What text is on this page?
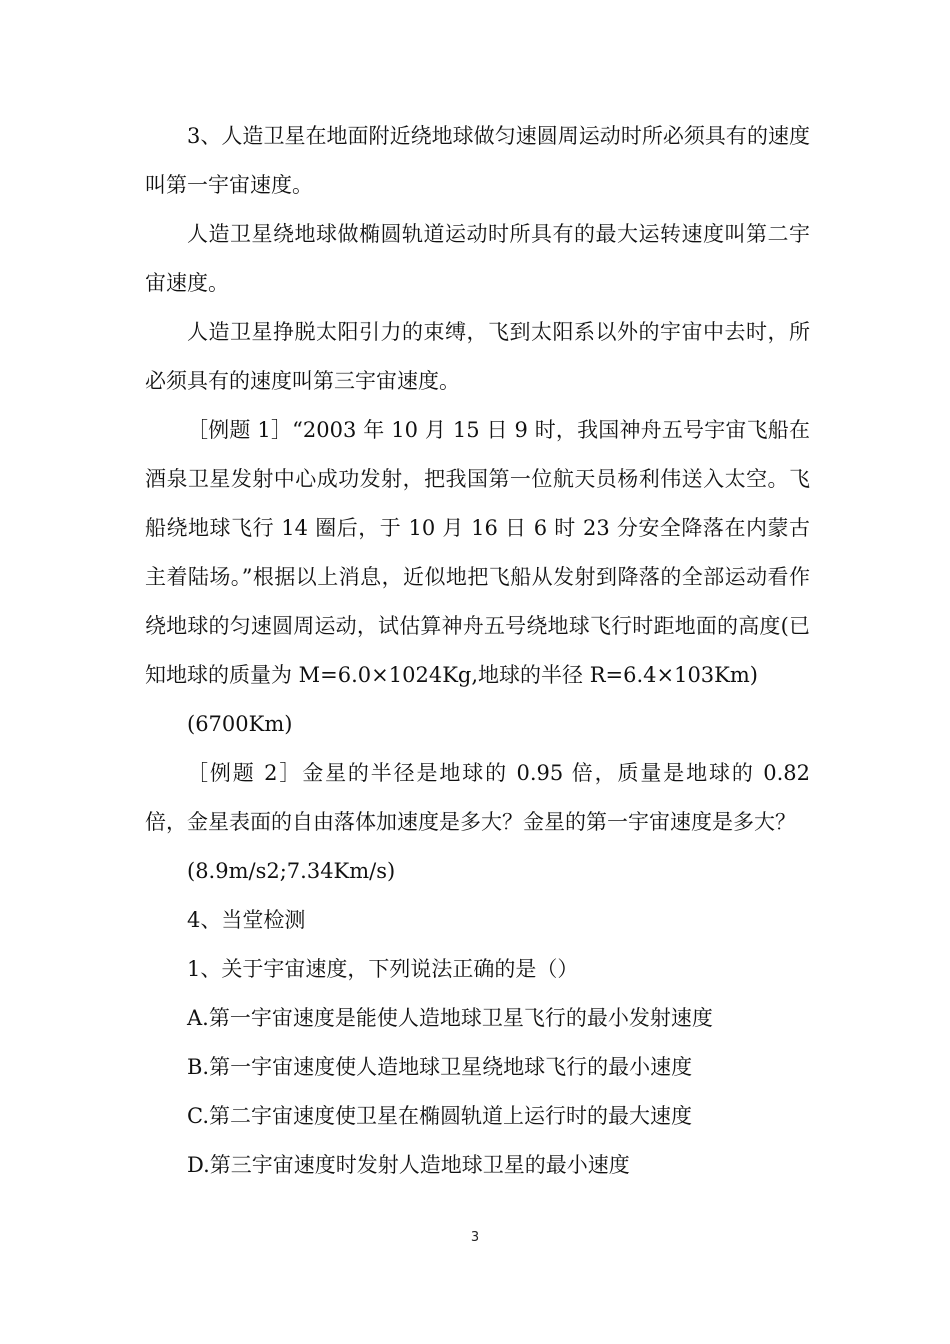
3、人造卫星在地面附近绕地球做匀速圆周运动时所必须具有的速度叫第一宇宙速度。

人造卫星绕地球做椭圆轨道运动时所具有的最大运转速度叫第二宇宙速度。

人造卫星挣脱太阳引力的束缚，飞到太阳系以外的宇宙中去时，所必须具有的速度叫第三宇宙速度。

［例题 1］“2003 年 10 月 15 日 9 时，我国神舟五号宇宙飞船在酒泉卫星发射中心成功发射，把我国第一位航天员杨利伟送入太空。飞船绕地球飞行 14 圈后，于 10 月 16 日 6 时 23 分安全降落在内蒙古主着陆场。”根据以上消息，近似地把飞船从发射到降落的全部运动看作绕地球的匀速圆周运动，试估算神舟五号绕地球飞行时距地面的高度(已知地球的质量为 M=6.0×1024Kg,地球的半径 R=6.4×103Km)

(6700Km)

［例题 2］金星的半径是地球的 0.95 倍，质量是地球的 0.82 倍，金星表面的自由落体加速度是多大？金星的第一宇宙速度是多大？

(8.9m/s2;7.34Km/s)

4、当堂检测

1、关于宇宙速度，下列说法正确的是（）

A.第一宇宙速度是能使人造地球卫星飞行的最小发射速度

B.第一宇宙速度使人造地球卫星绕地球飞行的最小速度

C.第二宇宙速度使卫星在椭圆轨道上运行时的最大速度

D.第三宇宙速度时发射人造地球卫星的最小速度

3
